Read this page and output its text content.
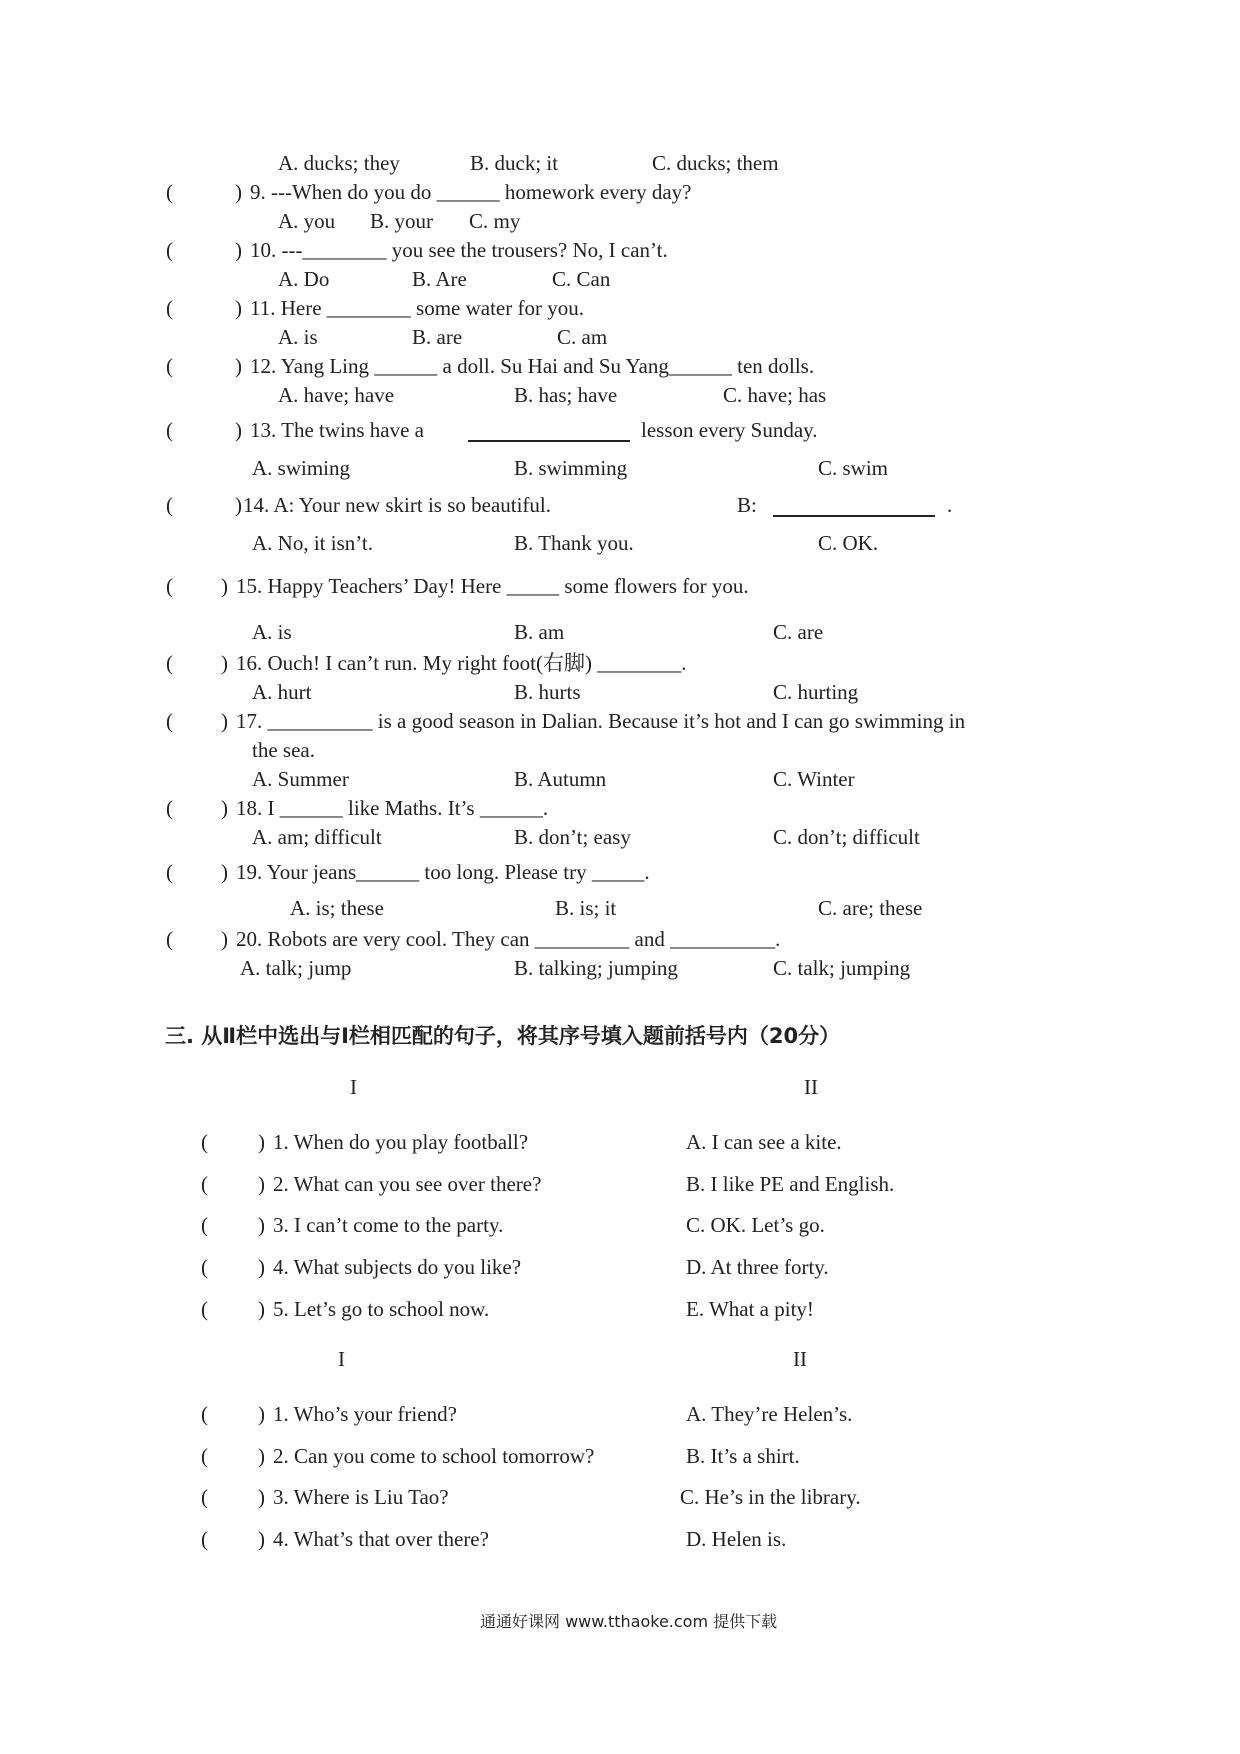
A. ducks; they	B. duck; it	C. ducks; them
(	) 9. ---When do you do ______ homework every day?
A. you B. your C. my
(	) 10. ---________ you see the trousers? No, I can’t.
A. Do	B. Are	C. Can
(	) 11. Here ________ some water for you.
A. is	B. are	C. am
(	) 12. Yang Ling ______ a doll. Su Hai and Su Yang______ ten dolls.
A. have; have	B. has; have	C. have; has
(	) 13. The twins have a	lesson every Sunday.
A. swiming	B. swimming	C. swim
(	) 14. A: Your new skirt is so beautiful.	B:	.
A. No, it isn’t.	B. Thank you.	C. OK.
( ) 15. Happy Teachers’ Day! Here _____ some flowers for you.
A. is	B. am	C. are
( ) 16. Ouch! I can’t run. My right foot(右脚) ________.
A. hurt	B. hurts	C. hurting
( ) 17. __________ is a good season in Dalian. Because it’s hot and I can go swimming in
the sea.
A. Summer	B. Autumn	C. Winter
( ) 18. I ______ like Maths. It’s ______.
A. am; difficult	B. don’t; easy	C. don’t; difficult
( ) 19. Your jeans______ too long. Please try _____.
A. is; these	B. is; it	C. are; these
( ) 20. Robots are very cool. They can _________ and __________.
A. talk; jump	B. talking; jumping	C. talk; jumping
三. 从Ⅱ栏中选出与Ⅰ栏相匹配的句子，将其序号填入题前括号内（20分）
I	II
( ) 1. When do you play football?	A. I can see a kite.
( ) 2. What can you see over there?	B. I like PE and English.
( ) 3. I can’t come to the party.	C. OK. Let’s go.
( ) 4. What subjects do you like?	D. At three forty.
( ) 5. Let’s go to school now.	E. What a pity!
I	II
( ) 1. Who’s your friend?	A. They’re Helen’s.
( ) 2. Can you come to school tomorrow?	B. It’s a shirt.
( ) 3. Where is Liu Tao?	C. He’s in the library.
( ) 4. What’s that over there?	D. Helen is.
通通好课网 www.tthaoke.com 提供下载
